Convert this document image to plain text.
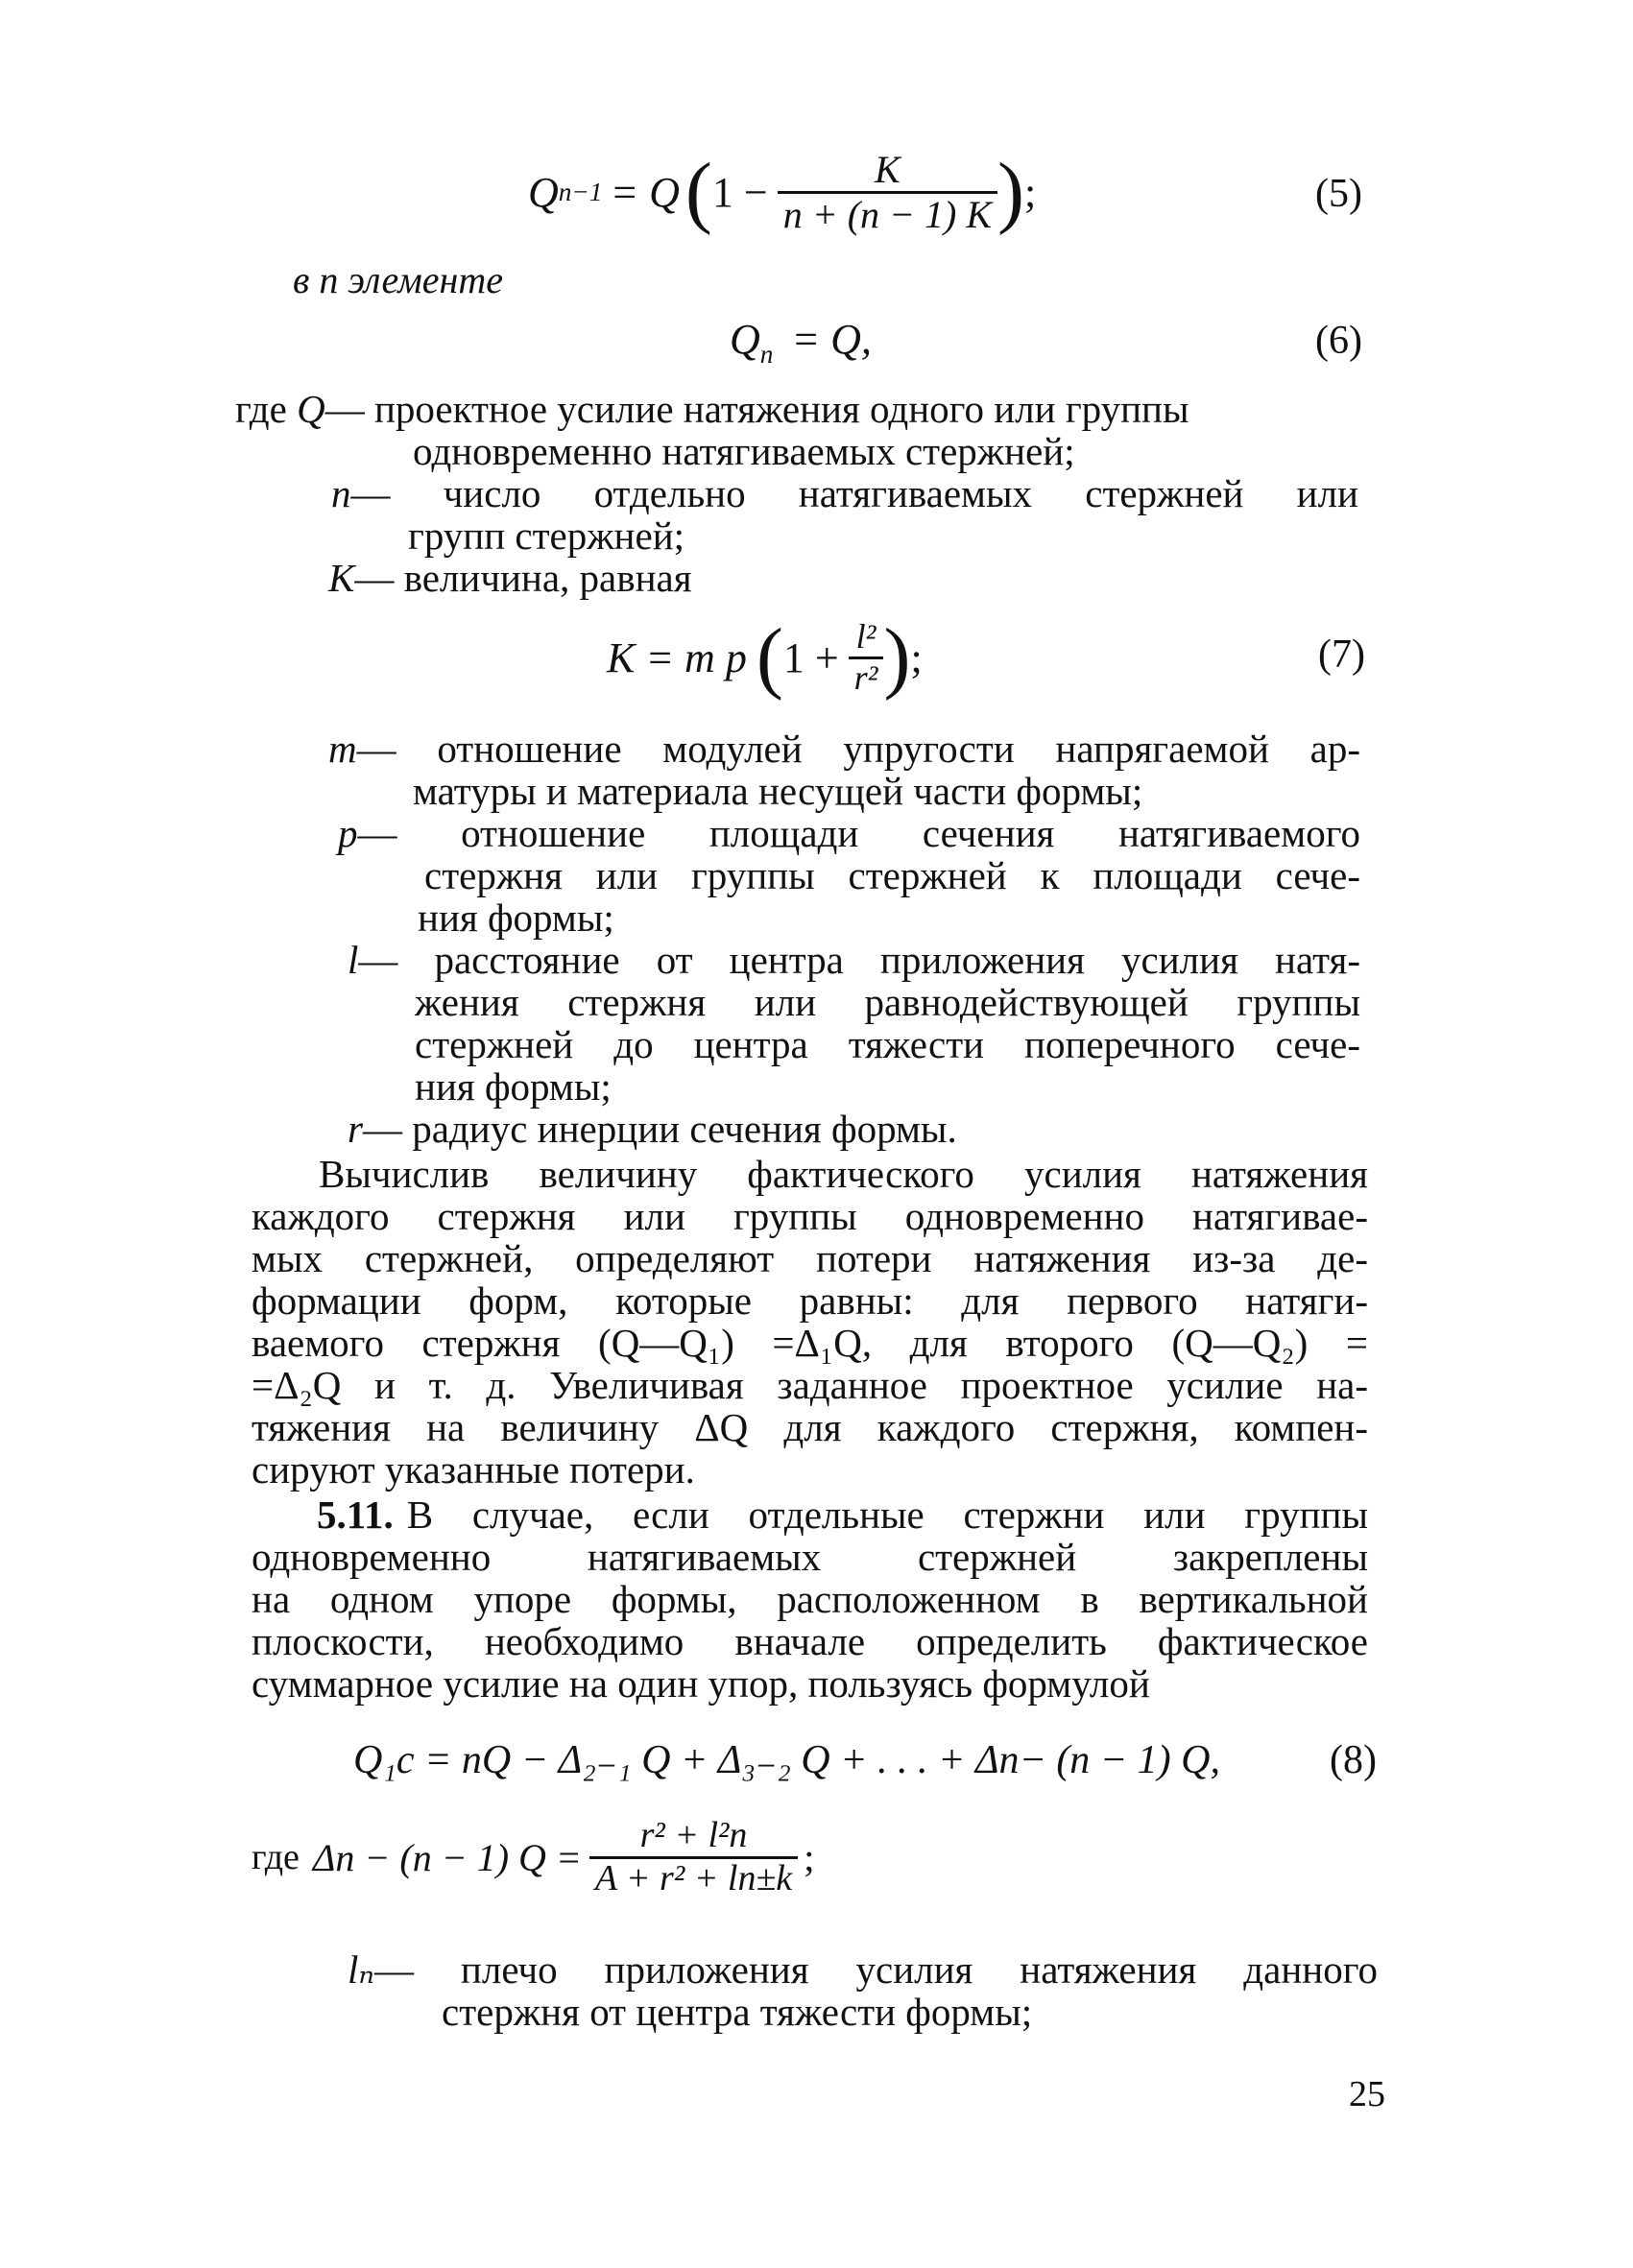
Q n−1 = Q ( $1 - \frac{K}{n + (n - 1) K}$ ) ;	(5)
в n элементе
$Q_n = Q$,	(6)
где Q— проектное усилие натяжения одного или группы
одновременно натягиваемых стержней;
n — число отдельно натягиваемых стержней или
групп стержней;
K— величина, равная
K = m p ( $1 + \frac{\text{l²}}{\text{r²}}$ ) ;	(7)
m — отношение модулей упругости напрягаемой ар-
матуры и материала несущей части формы;
p — отношение площади сечения натягиваемого
стержня или группы стержней к площади сече-
ния формы;
l — расстояние от центра приложения усилия натя-
жения стержня или равнодействующей группы
стержней до центра тяжести поперечного сече-
ния формы;
r— радиус инерции сечения формы.
Вычислив величину фактического усилия натяжения
каждого стержня или группы одновременно натягивае-
мых стержней, определяют потери натяжения из-за де-
формации форм, которые равны: для первого натяги-
ваемого стержня (Q—Q₁) =Δ₁Q, для второго (Q—Q₂) =
=Δ₂Q и т. д. Увеличивая заданное проектное усилие на-
тяжения на величину ΔQ для каждого стержня, компен-
сируют указанные потери.
5.11. В случае, если отдельные стержни или группы
одновременно натягиваемых стержней закреплены
на одном упоре формы, расположенном в вертикальной
плоскости, необходимо вначале определить фактическое
суммарное усилие на один упор, пользуясь формулой
Q₁c = nQ − Δ₂₋₁ Q + Δ₃₋₂ Q + . . . + Δn− (n − 1) Q,	(8)
где Δn − (n − 1) $Q = \frac{\text{r² + l²n}}{\text{A + r² + ln±k}}$ ;
lₙ — плечо приложения усилия натяжения данного
стержня от центра тяжести формы;
25
